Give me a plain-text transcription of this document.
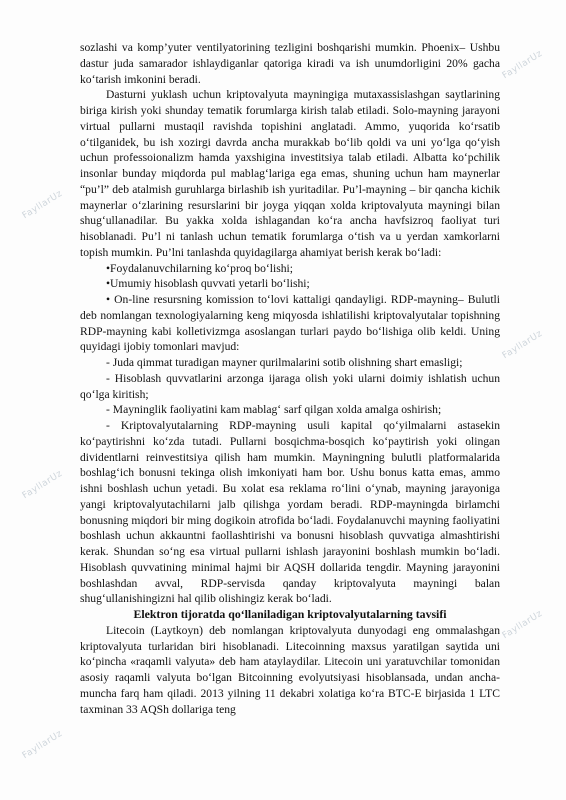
FayllarUz
FayllarUz
FayllarUz
FayllarUz
FayllarUz
FayllarUz

sozlashi va komp’yuter ventilyatorining tezligini boshqarishi mumkin. Phoenix– Ushbu dastur juda samarador ishlaydiganlar qatoriga kiradi va ish unumdorligini 20% gacha ko‘tarish imkonini beradi.

Dasturni yuklash uchun kriptovalyuta mayningiga mutaxassislashgan saytlarining biriga kirish yoki shunday tematik forumlarga kirish talab etiladi. Solo-mayning jarayoni virtual pullarni mustaqil ravishda topishini anglatadi. Ammo, yuqorida ko‘rsatib o‘tilganidek, bu ish xozirgi davrda ancha murakkab bo‘lib qoldi va uni yo‘lga qo‘yish uchun professoionalizm hamda yaxshigina investitsiya talab etiladi. Albatta ko‘pchilik insonlar bunday miqdorda pul mablag‘lariga ega emas, shuning uchun ham maynerlar “pu’l” deb atalmish guruhlarga birlashib ish yuritadilar. Pu’l-mayning – bir qancha kichik maynerlar o‘zlarining resurslarini bir joyga yiqqan xolda kriptovalyuta mayningi bilan shug‘ullanadilar. Bu yakka xolda ishlagandan ko‘ra ancha havfsizroq faoliyat turi hisoblanadi. Pu’l ni tanlash uchun tematik forumlarga o‘tish va u yerdan xamkorlarni topish mumkin. Pu’lni tanlashda quyidagilarga ahamiyat berish kerak bo‘ladi:

•Foydalanuvchilarning ko‘proq bo‘lishi;

•Umumiy hisoblash quvvati yetarli bo‘lishi;

• On-line resursning komission to‘lovi kattaligi qandayligi. RDP-mayning– Bulutli deb nomlangan texnologiyalarning keng miqyosda ishlatilishi kriptovalyutalar topishning RDP-mayning kabi kolletivizmga asoslangan turlari paydo bo‘lishiga olib keldi. Uning quyidagi ijobiy tomonlari mavjud:

- Juda qimmat turadigan mayner qurilmalarini sotib olishning shart emasligi;

- Hisoblash quvvatlarini arzonga ijaraga olish yoki ularni doimiy ishlatish uchun qo‘lga kiritish;

- Mayninglik faoliyatini kam mablag‘ sarf qilgan xolda amalga oshirish;

- Kriptovalyutalarning RDP-mayning usuli kapital qo‘yilmalarni astasekin ko‘paytirishni ko‘zda tutadi. Pullarni bosqichma-bosqich ko‘paytirish yoki olingan dividentlarni reinvestitsiya qilish ham mumkin. Mayningning bulutli platformalarida boshlag‘ich bonusni tekinga olish imkoniyati ham bor. Ushu bonus katta emas, ammo ishni boshlash uchun yetadi. Bu xolat esa reklama ro‘lini o‘ynab, mayning jarayoniga yangi kriptovalyutachilarni jalb qilishga yordam beradi. RDP-mayningda birlamchi bonusning miqdori bir ming dogikoin atrofida bo‘ladi. Foydalanuvchi mayning faoliyatini boshlash uchun akkauntni faollashtirishi va bonusni hisoblash quvvatiga almashtirishi kerak. Shundan so‘ng esa virtual pullarni ishlash jarayonini boshlash mumkin bo‘ladi. Hisoblash quvvatining minimal hajmi bir AQSH dollarida tengdir. Mayning jarayonini boshlashdan avval, RDP-servisda qanday kriptovalyuta mayningi balan shug‘ullanishingizni hal qilib olishingiz kerak bo‘ladi.

Elektron tijoratda qo‘llaniladigan kriptovalyutalarning tavsifi

Litecoin (Laytkoyn) deb nomlangan kriptovalyuta dunyodagi eng ommalashgan kriptovalyuta turlaridan biri hisoblanadi. Litecoinning maxsus yaratilgan saytida uni ko‘pincha «raqamli valyuta» deb ham ataylaydilar. Litecoin uni yaratuvchilar tomonidan asosiy raqamli valyuta bo‘lgan Bitcoinning evolyutsiyasi hisoblansada, undan ancha-muncha farq ham qiladi. 2013 yilning 11 dekabri xolatiga ko‘ra BTC-E birjasida 1 LTC taxminan 33 AQSh dollariga teng
